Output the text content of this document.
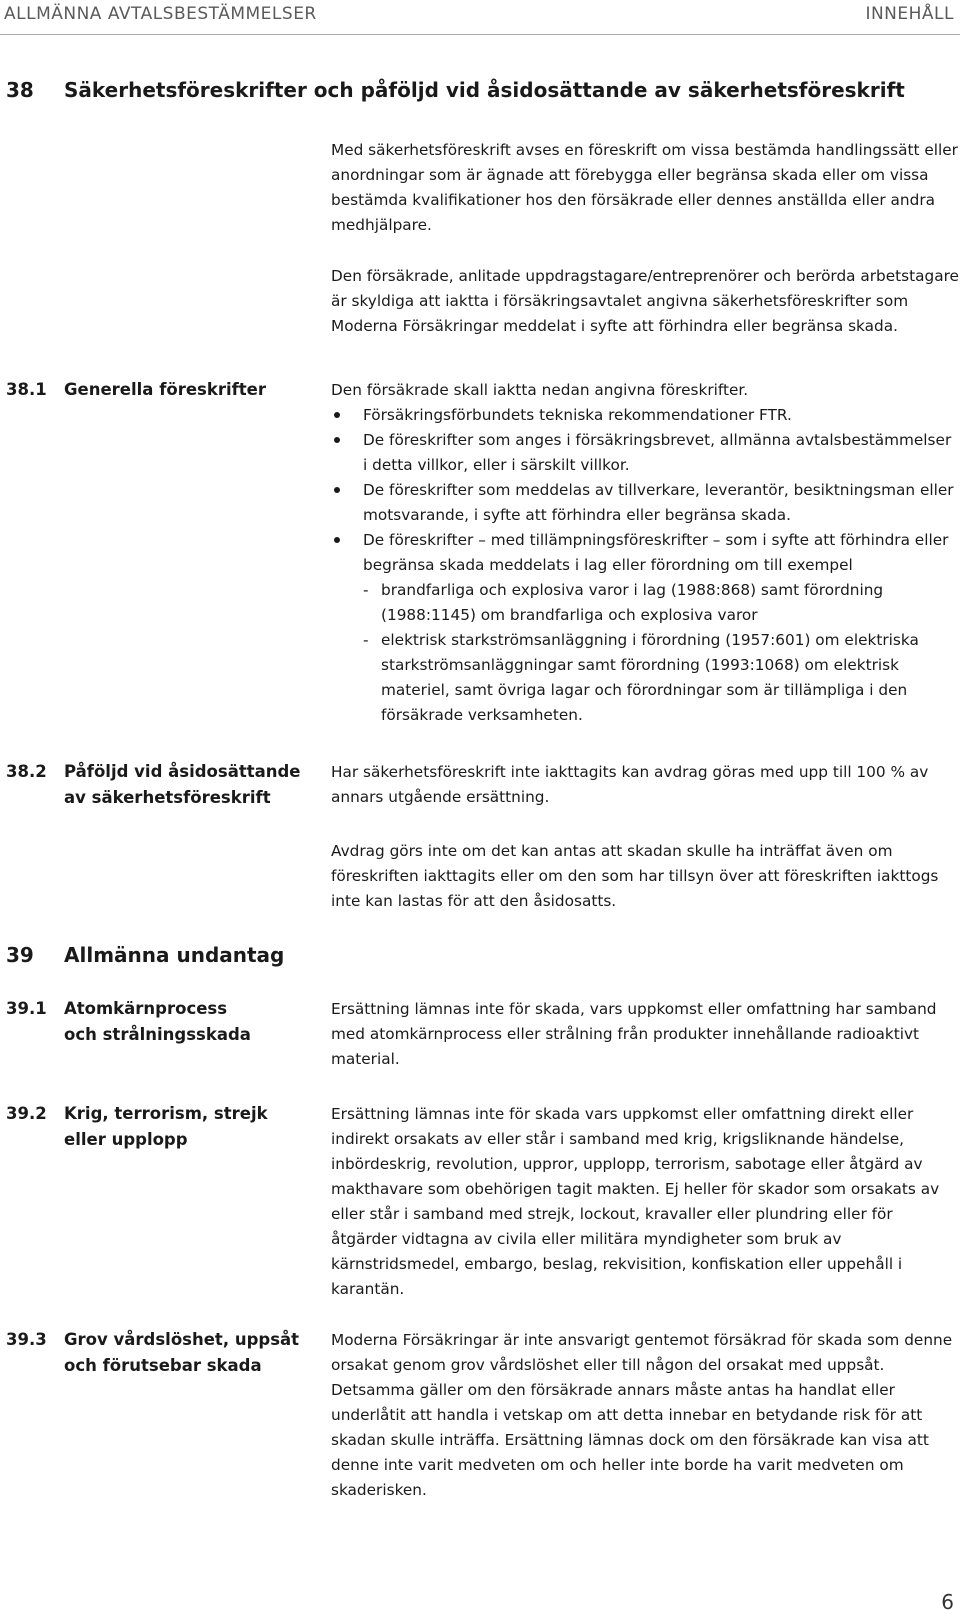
ALLMÄNNA AVTALSBESTÄMMELSER	INNEHÅLL
38 Säkerhetsföreskrifter och påföljd vid åsidosättande av säkerhetsföreskrift

Med säkerhetsföreskrift avses en föreskrift om vissa bestämda handlingssätt eller anordningar som är ägnade att förebygga eller begränsa skada eller om vissa bestämda kvalifikationer hos den försäkrade eller dennes anställda eller andra medhjälpare.

Den försäkrade, anlitade uppdragstagare/entreprenörer och berörda arbetstagare är skyldiga att iaktta i försäkringsavtalet angivna säkerhetsföreskrifter som Moderna Försäkringar meddelat i syfte att förhindra eller begränsa skada.

38.1 Generella föreskrifter	Den försäkrade skall iaktta nedan angivna föreskrifter.

Försäkringsförbundets tekniska rekommendationer FTR.

De föreskrifter som anges i försäkringsbrevet, allmänna avtalsbestämmelser i detta villkor, eller i särskilt villkor.

De föreskrifter som meddelas av tillverkare, leverantör, besiktningsman eller motsvarande, i syfte att förhindra eller begränsa skada.

De föreskrifter – med tillämpningsföreskrifter – som i syfte att förhindra eller begränsa skada meddelats i lag eller förordning om till exempel

- brandfarliga och explosiva varor i lag (1988:868) samt förordning (1988:1145) om brandfarliga och explosiva varor

- elektrisk starkströmsanläggning i förordning (1957:601) om elektriska starkströmsanläggningar samt förordning (1993:1068) om elektrisk materiel, samt övriga lagar och förordningar som är tillämpliga i den försäkrade verksamheten.

38.2 Påföljd vid åsidosättande
av säkerhetsföreskrift

Har säkerhetsföreskrift inte iakttagits kan avdrag göras med upp till 100 % av annars utgående ersättning.

Avdrag görs inte om det kan antas att skadan skulle ha inträffat även om föreskriften iakttagits eller om den som har tillsyn över att föreskriften iakttogs inte kan lastas för att den åsidosatts.

39 Allmänna undantag
39.1 Atomkärnprocess
och strålningsskada

Ersättning lämnas inte för skada, vars uppkomst eller omfattning har samband med atomkärnprocess eller strålning från produkter innehållande radioaktivt material.

39.2 Krig, terrorism, strejk
eller upplopp

Ersättning lämnas inte för skada vars uppkomst eller omfattning direkt eller indirekt orsakats av eller står i samband med krig, krigsliknande händelse, inbördeskrig, revolution, uppror, upplopp, terrorism, sabotage eller åtgärd av makthavare som obehörigen tagit makten. Ej heller för skador som orsakats av eller står i samband med strejk, lockout, kravaller eller plundring eller för åtgärder vidtagna av civila eller militära myndigheter som bruk av kärnstridsmedel, embargo, beslag, rekvisition, konfiskation eller uppehåll i karantän.

39.3 Grov vårdslöshet, uppsåt
och förutsebar skada

Moderna Försäkringar är inte ansvarigt gentemot försäkrad för skada som denne orsakat genom grov vårdslöshet eller till någon del orsakat med uppsåt. Detsamma gäller om den försäkrade annars måste antas ha handlat eller underlåtit att handla i vetskap om att detta innebar en betydande risk för att skadan skulle inträffa. Ersättning lämnas dock om den försäkrade kan visa att denne inte varit medveten om och heller inte borde ha varit medveten om skaderisken.

6
